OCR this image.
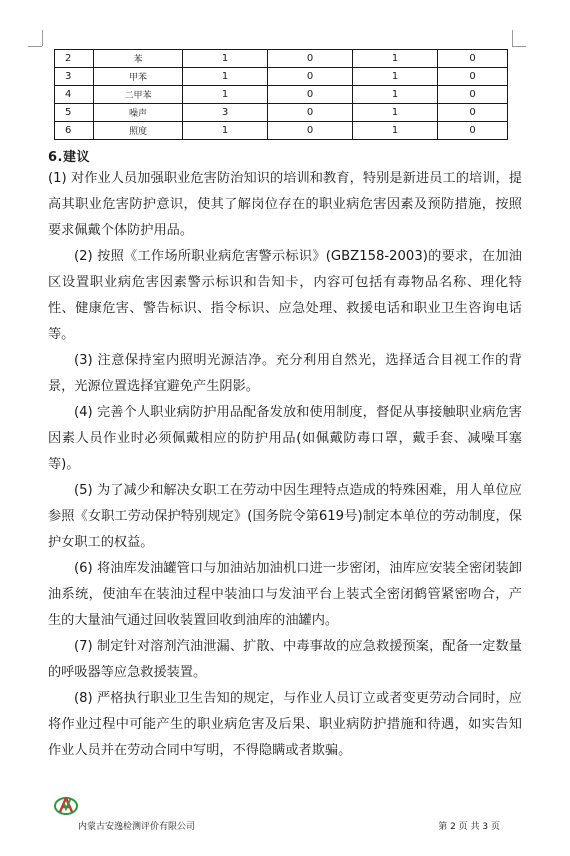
2	苯	1	0	1	0
3	甲苯	1	0	1	0
4	二甲苯	1	0	1	0
5	噪声	3	0	1	0
6	照度	1	0	1	0
6.建议

(1) 对作业人员加强职业危害防治知识的培训和教育，特别是新进员工的培训，提高其职业危害防护意识，使其了解岗位存在的职业病危害因素及预防措施，按照要求佩戴个体防护用品。

(2) 按照《工作场所职业病危害警示标识》(GBZ158-2003)的要求，在加油区设置职业病危害因素警示标识和告知卡，内容可包括有毒物品名称、理化特性、健康危害、警告标识、指令标识、应急处理、救援电话和职业卫生咨询电话等。

(3) 注意保持室内照明光源洁净。充分利用自然光，选择适合目视工作的背景，光源位置选择宜避免产生阴影。

(4) 完善个人职业病防护用品配备发放和使用制度，督促从事接触职业病危害因素人员作业时必须佩戴相应的防护用品(如佩戴防毒口罩，戴手套、减噪耳塞等)。

(5) 为了减少和解决女职工在劳动中因生理特点造成的特殊困难，用人单位应参照《女职工劳动保护特别规定》(国务院令第619号)制定本单位的劳动制度，保护女职工的权益。

(6) 将油库发油罐管口与加油站加油机口进一步密闭，油库应安装全密闭装卸油系统，使油车在装油过程中装油口与发油平台上装式全密闭鹤管紧密吻合，产生的大量油气通过回收装置回收到油库的油罐内。

(7) 制定针对溶剂汽油泄漏、扩散、中毒事故的应急救援预案，配备一定数量的呼吸器等应急救援装置。

(8) 严格执行职业卫生告知的规定，与作业人员订立或者变更劳动合同时，应将作业过程中可能产生的职业病危害及后果、职业病防护措施和待遇，如实告知作业人员并在劳动合同中写明，不得隐瞒或者欺骗。

内蒙古安逸检测评价有限公司	第 2 页 共 3 页
